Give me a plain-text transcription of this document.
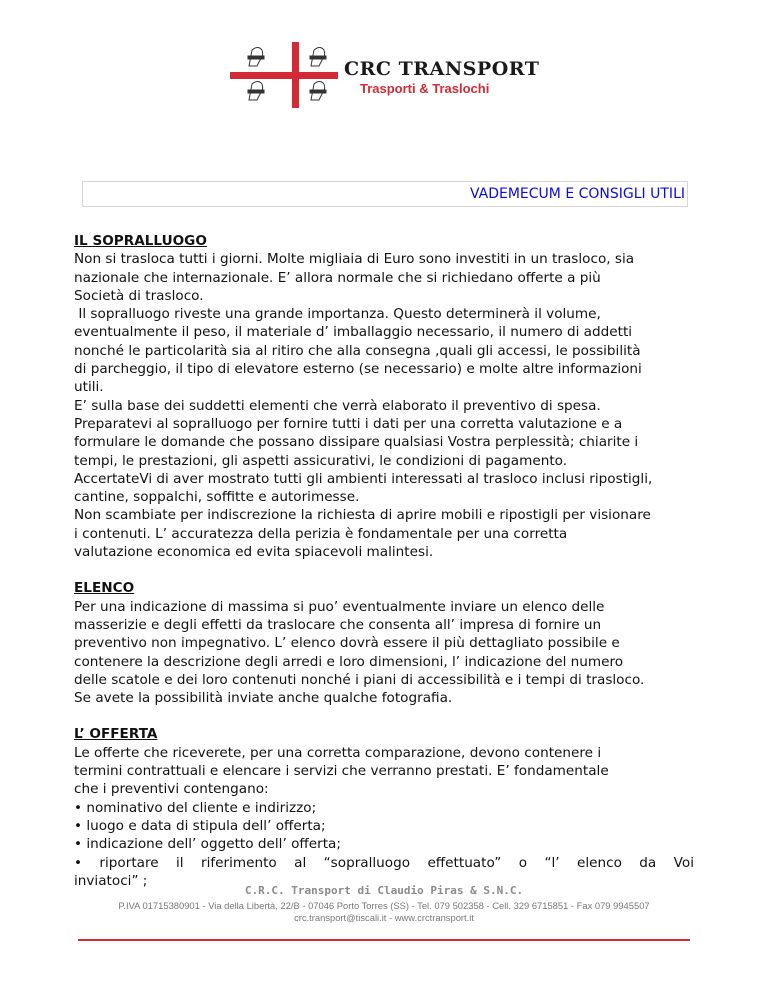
CRC TRANSPORT
Trasporti & Traslochi
VADEMECUM E CONSIGLI UTILI
IL SOPRALLUOGO

Non si trasloca tutti i giorni. Molte migliaia di Euro sono investiti in un trasloco, sia

nazionale che internazionale. E’ allora normale che si richiedano offerte a più

Società di trasloco.

Il sopralluogo riveste una grande importanza. Questo determinerà il volume,

eventualmente il peso, il materiale d’ imballaggio necessario, il numero di addetti

nonché le particolarità sia al ritiro che alla consegna ,quali gli accessi, le possibilità

di parcheggio, il tipo di elevatore esterno (se necessario) e molte altre informazioni

utili.

E’ sulla base dei suddetti elementi che verrà elaborato il preventivo di spesa.

Preparatevi al sopralluogo per fornire tutti i dati per una corretta valutazione e a

formulare le domande che possano dissipare qualsiasi Vostra perplessità; chiarite i

tempi, le prestazioni, gli aspetti assicurativi, le condizioni di pagamento.

AccertateVi di aver mostrato tutti gli ambienti interessati al trasloco inclusi ripostigli,

cantine, soppalchi, soffitte e autorimesse.

Non scambiate per indiscrezione la richiesta di aprire mobili e ripostigli per visionare

i contenuti. L’ accuratezza della perizia è fondamentale per una corretta

valutazione economica ed evita spiacevoli malintesi.

ELENCO

Per una indicazione di massima si puo’ eventualmente inviare un elenco delle

masserizie e degli effetti da traslocare che consenta all’ impresa di fornire un

preventivo non impegnativo. L’ elenco dovrà essere il più dettagliato possibile e

contenere la descrizione degli arredi e loro dimensioni, l’ indicazione del numero

delle scatole e dei loro contenuti nonché i piani di accessibilità e i tempi di trasloco.

Se avete la possibilità inviate anche qualche fotografia.

L’ OFFERTA

Le offerte che riceverete, per una corretta comparazione, devono contenere i

termini contrattuali e elencare i servizi che verranno prestati. E’ fondamentale

che i preventivi contengano:

• nominativo del cliente e indirizzo;

• luogo e data di stipula dell’ offerta;

• indicazione dell’ oggetto dell’ offerta;

• riportare il riferimento al “sopralluogo effettuato” o “l’ elenco da Voi

inviatoci” ;

C.R.C. Transport di Claudio Piras & S.N.C.
P.IVA 01715380901 - Via della Libertà, 22/B - 07046 Porto Torres (SS) - Tel. 079 502358 - Cell. 329 6715851 - Fax 079 9945507
crc.transport@tiscali.it - www.crctransport.it
